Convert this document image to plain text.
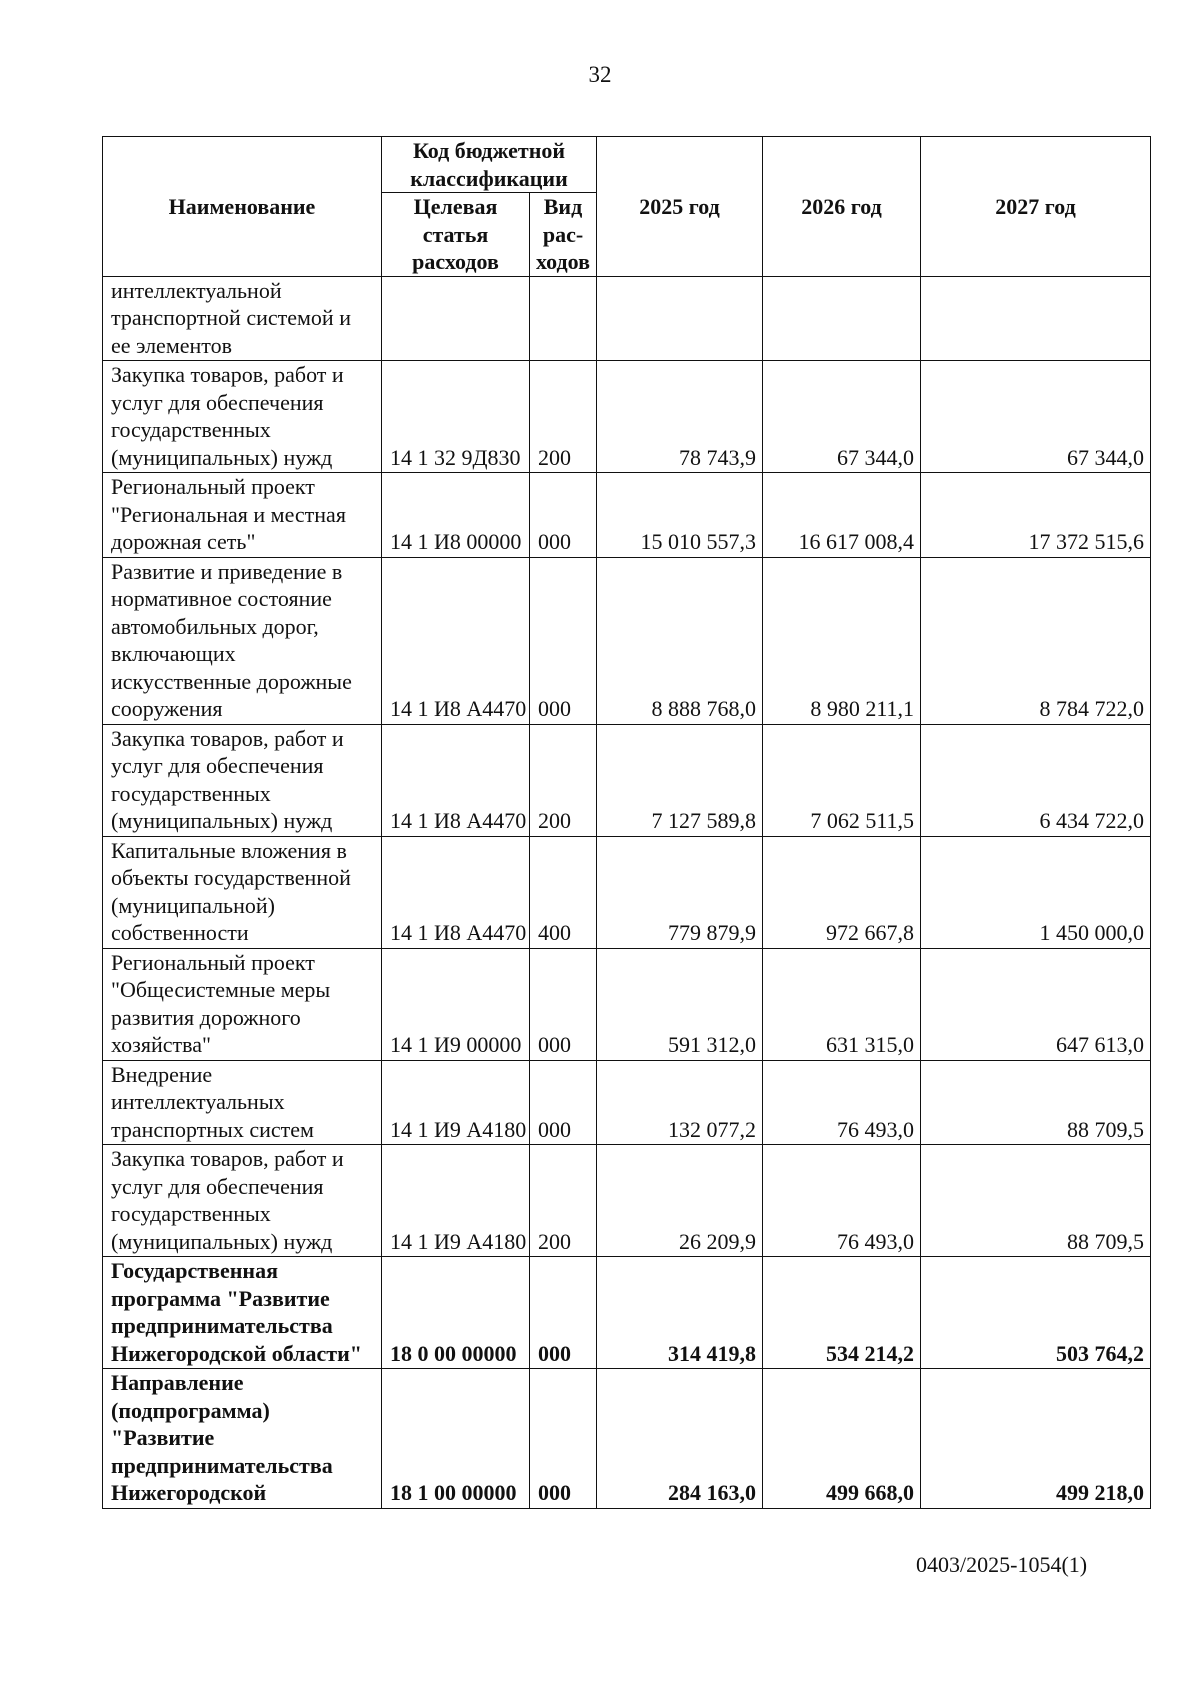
32
Наименование	Код бюджетной классификации		2025 год	2026 год	2027 год
	Целевая статья расходов	Вид рас-ходов			
интеллектуальной транспортной системой и ее элементов					
Закупка товаров, работ и услуг для обеспечения государственных (муниципальных) нужд	14 1 32 9Д830	200	78 743,9	67 344,0	67 344,0
Региональный проект "Региональная и местная дорожная сеть"	14 1 И8 00000	000	15 010 557,3	16 617 008,4	17 372 515,6
Развитие и приведение в нормативное состояние автомобильных дорог, включающих искусственные дорожные сооружения	14 1 И8 А4470	000	8 888 768,0	8 980 211,1	8 784 722,0
Закупка товаров, работ и услуг для обеспечения государственных (муниципальных) нужд	14 1 И8 А4470	200	7 127 589,8	7 062 511,5	6 434 722,0
Капитальные вложения в объекты государственной (муниципальной) собственности	14 1 И8 А4470	400	779 879,9	972 667,8	1 450 000,0
Региональный проект "Общесистемные меры развития дорожного хозяйства"	14 1 И9 00000	000	591 312,0	631 315,0	647 613,0
Внедрение интеллектуальных транспортных систем	14 1 И9 А4180	000	132 077,2	76 493,0	88 709,5
Закупка товаров, работ и услуг для обеспечения государственных (муниципальных) нужд	14 1 И9 А4180	200	26 209,9	76 493,0	88 709,5
Государственная программа "Развитие предпринимательства Нижегородской области"	18 0 00 00000	000	314 419,8	534 214,2	503 764,2
Направление (подпрограмма) "Развитие предпринимательства Нижегородской	18 1 00 00000	000	284 163,0	499 668,0	499 218,0
0403/2025-1054(1)
